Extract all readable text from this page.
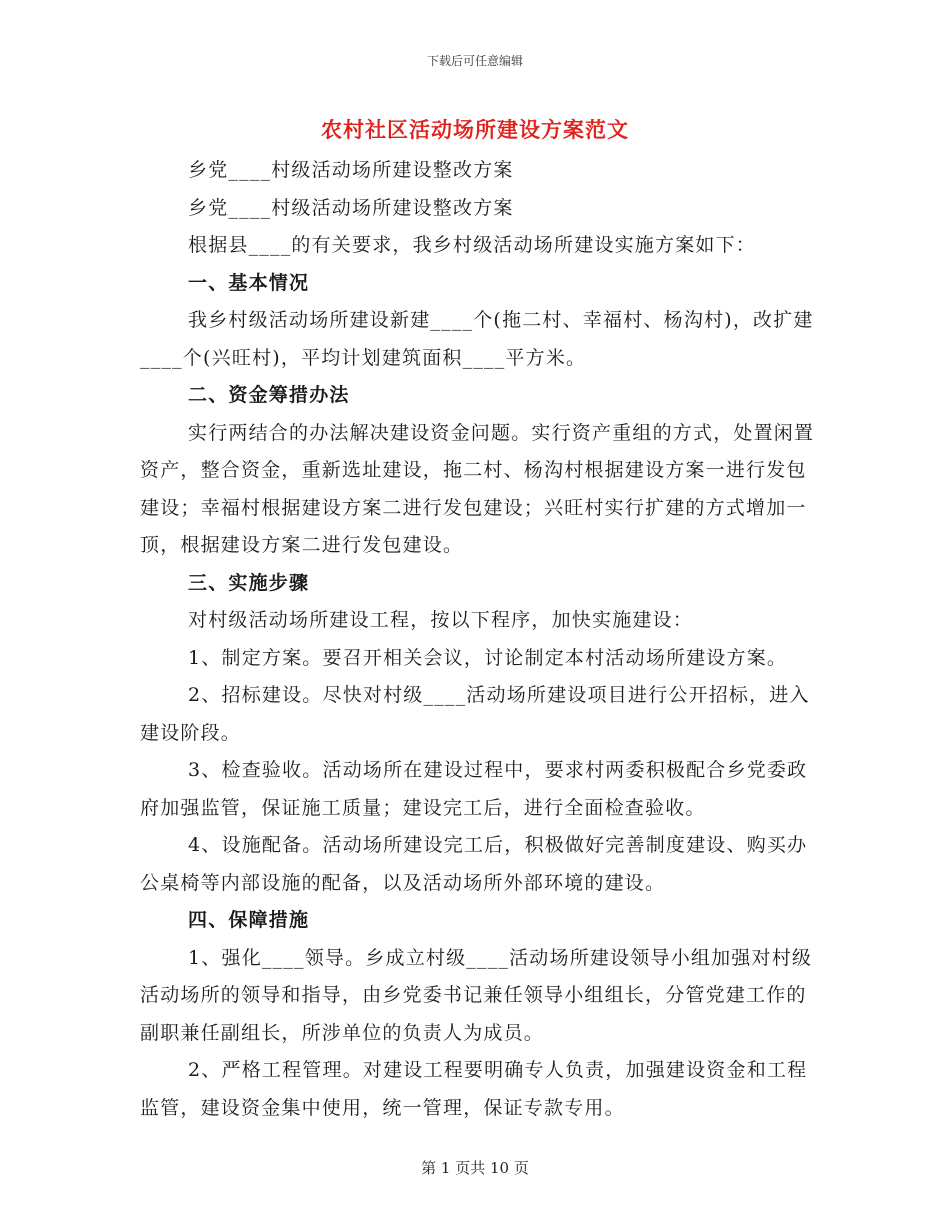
下载后可任意编辑
农村社区活动场所建设方案范文

乡党____村级活动场所建设整改方案

乡党____村级活动场所建设整改方案

根据县____的有关要求，我乡村级活动场所建设实施方案如下：

一、基本情况

我乡村级活动场所建设新建____个(拖二村、幸福村、杨沟村)，改扩建____个(兴旺村)，平均计划建筑面积____平方米。

二、资金筹措办法

实行两结合的办法解决建设资金问题。实行资产重组的方式，处置闲置资产，整合资金，重新选址建设，拖二村、杨沟村根据建设方案一进行发包建设；幸福村根据建设方案二进行发包建设；兴旺村实行扩建的方式增加一顶，根据建设方案二进行发包建设。

三、实施步骤

对村级活动场所建设工程，按以下程序，加快实施建设：

1、制定方案。要召开相关会议，讨论制定本村活动场所建设方案。

2、招标建设。尽快对村级____活动场所建设项目进行公开招标，进入建设阶段。

3、检查验收。活动场所在建设过程中，要求村两委积极配合乡党委政府加强监管，保证施工质量；建设完工后，进行全面检查验收。

4、设施配备。活动场所建设完工后，积极做好完善制度建设、购买办公桌椅等内部设施的配备，以及活动场所外部环境的建设。

四、保障措施

1、强化____领导。乡成立村级____活动场所建设领导小组加强对村级活动场所的领导和指导，由乡党委书记兼任领导小组组长，分管党建工作的副职兼任副组长，所涉单位的负责人为成员。

2、严格工程管理。对建设工程要明确专人负责，加强建设资金和工程监管，建设资金集中使用，统一管理，保证专款专用。

第 1 页共 10 页
